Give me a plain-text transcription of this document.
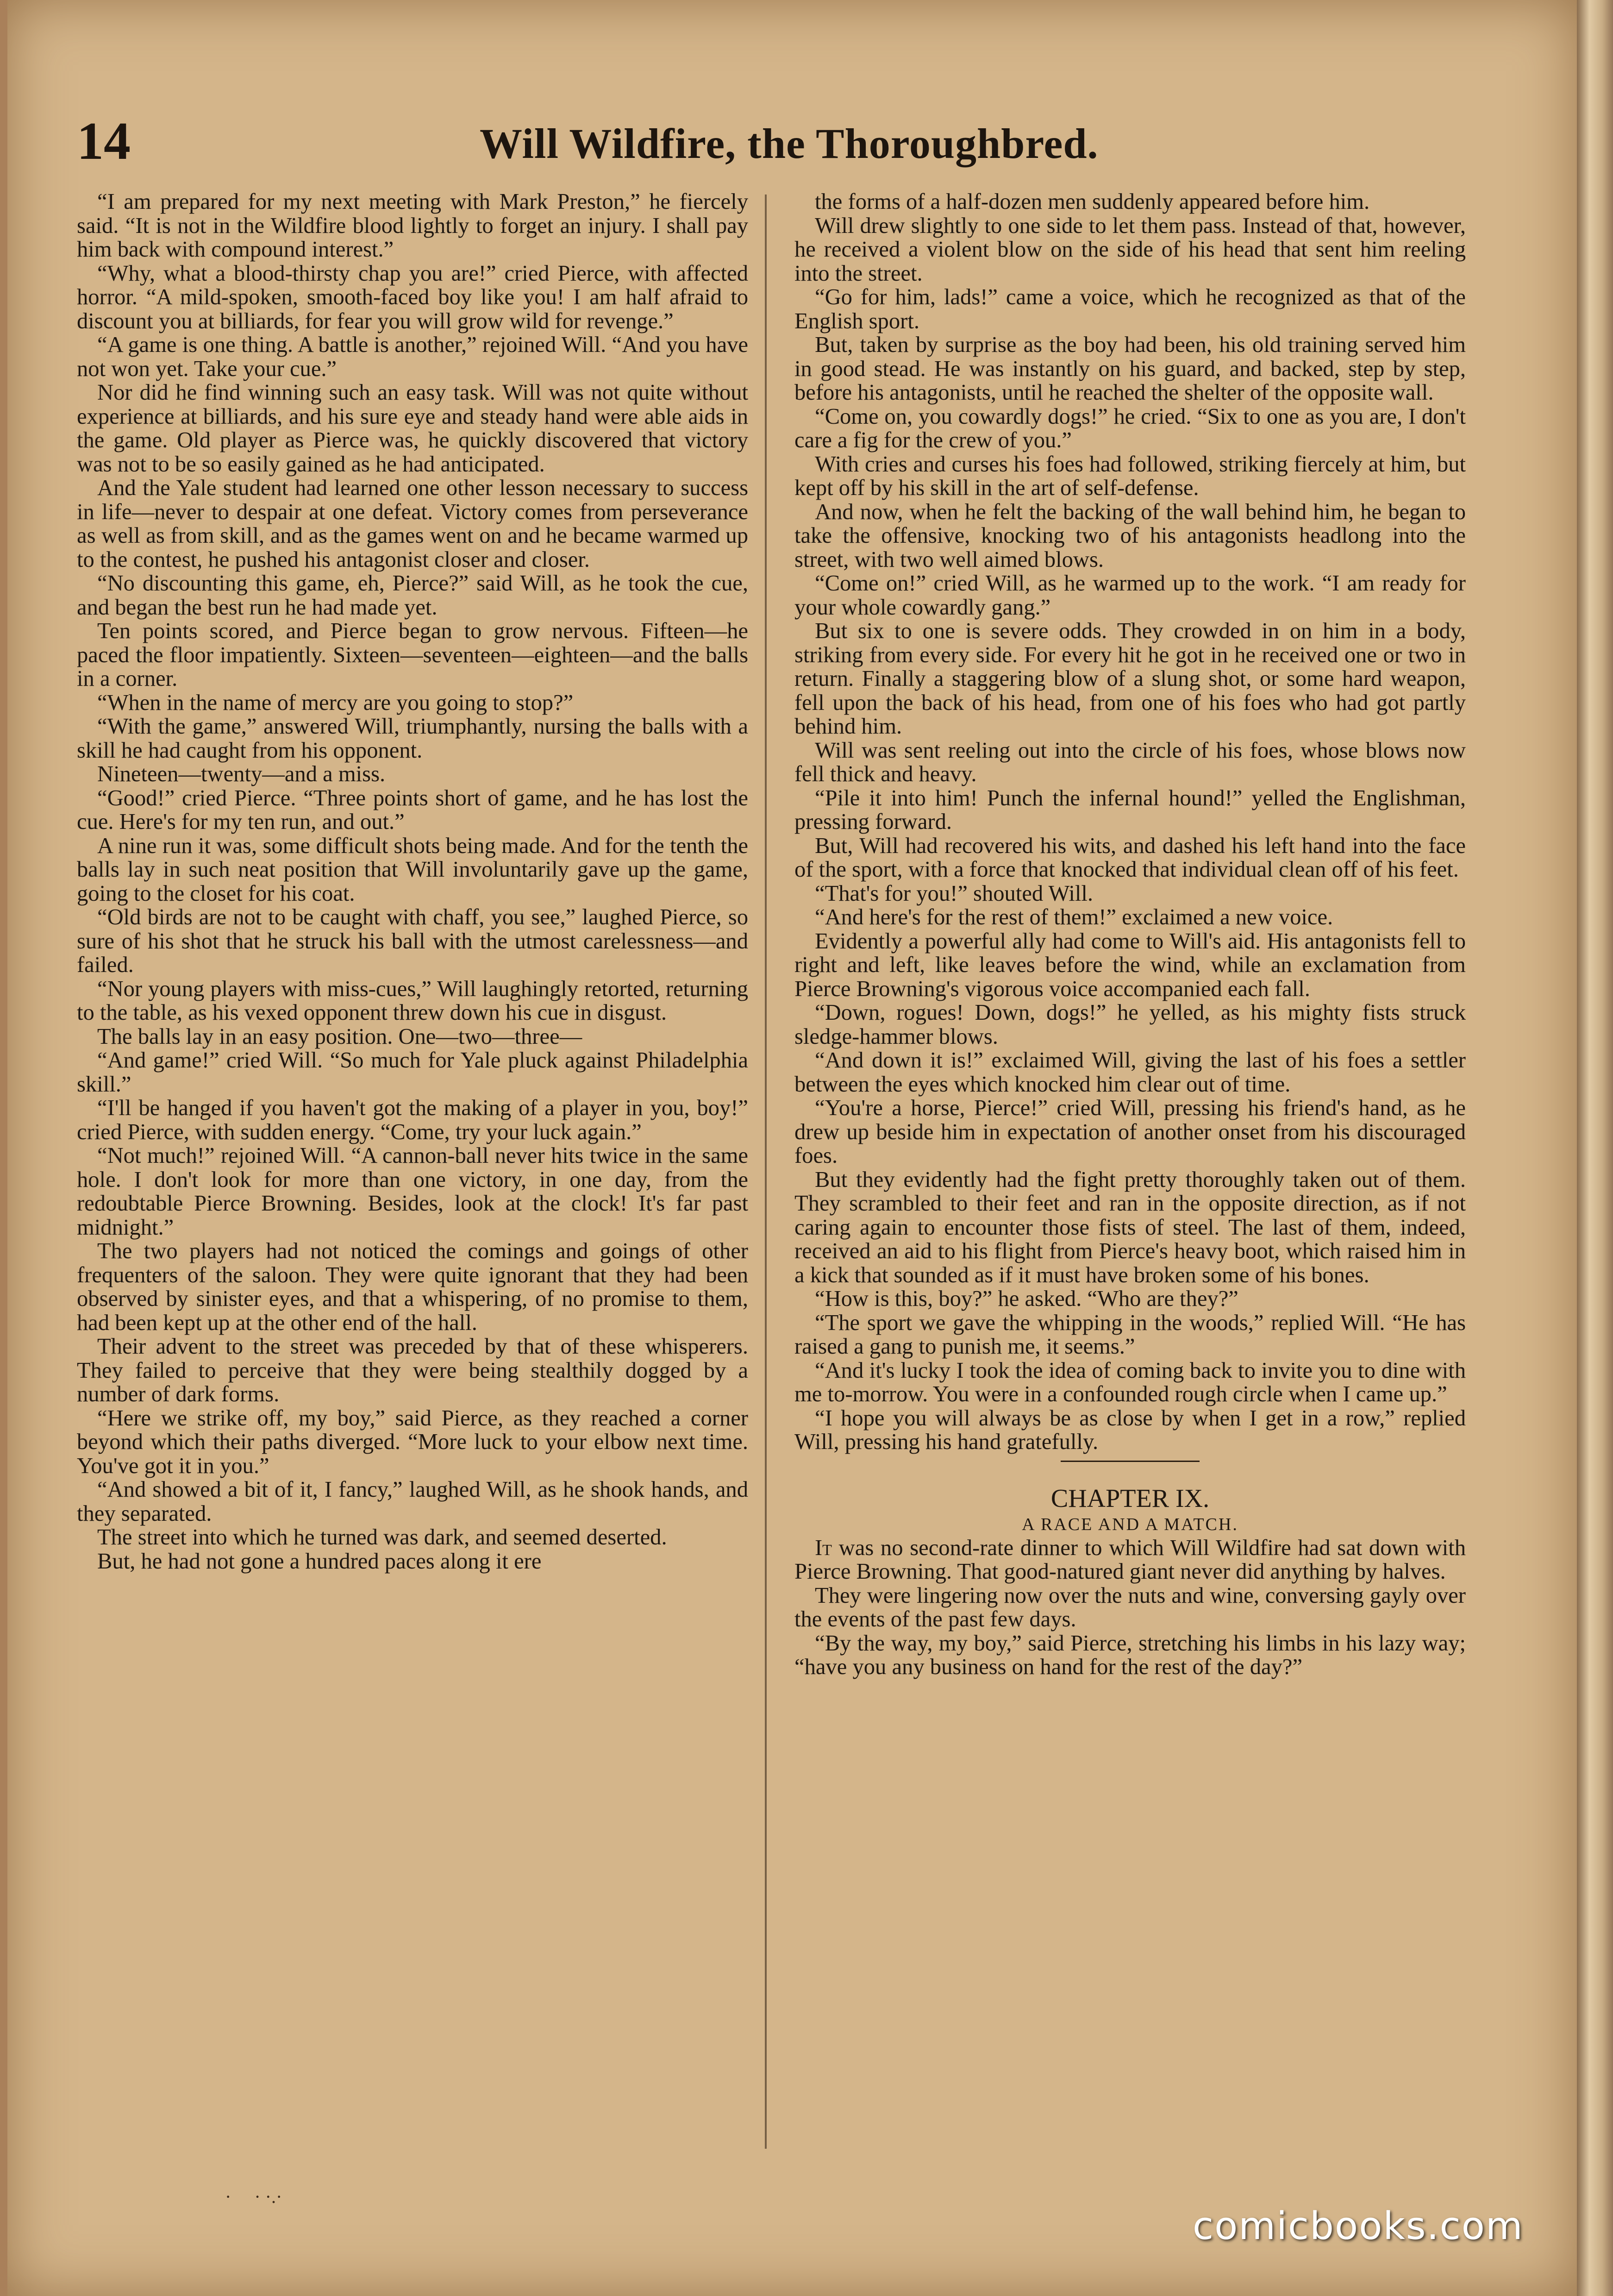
14	Will Wildfire, the Thoroughbred.

“I am prepared for my next meeting with Mark Preston,” he fiercely said. “It is not in the Wildfire blood lightly to forget an injury. I shall pay him back with compound interest.”

“Why, what a blood-thirsty chap you are!” cried Pierce, with affected horror. “A mild-spoken, smooth-faced boy like you! I am half afraid to discount you at billiards, for fear you will grow wild for revenge.”

“A game is one thing. A battle is another,” rejoined Will. “And you have not won yet. Take your cue.”

Nor did he find winning such an easy task. Will was not quite without experience at billiards, and his sure eye and steady hand were able aids in the game. Old player as Pierce was, he quickly discovered that victory was not to be so easily gained as he had anticipated.

And the Yale student had learned one other lesson necessary to success in life—never to despair at one defeat. Victory comes from perseverance as well as from skill, and as the games went on and he became warmed up to the contest, he pushed his antagonist closer and closer.

“No discounting this game, eh, Pierce?” said Will, as he took the cue, and began the best run he had made yet.

Ten points scored, and Pierce began to grow nervous. Fifteen—he paced the floor impatiently. Sixteen—seventeen—eighteen—and the balls in a corner.

“When in the name of mercy are you going to stop?”

“With the game,” answered Will, triumphantly, nursing the balls with a skill he had caught from his opponent.

Nineteen—twenty—and a miss.

“Good!” cried Pierce. “Three points short of game, and he has lost the cue. Here's for my ten run, and out.”

A nine run it was, some difficult shots being made. And for the tenth the balls lay in such neat position that Will involuntarily gave up the game, going to the closet for his coat.

“Old birds are not to be caught with chaff, you see,” laughed Pierce, so sure of his shot that he struck his ball with the utmost carelessness—and failed.

“Nor young players with miss-cues,” Will laughingly retorted, returning to the table, as his vexed opponent threw down his cue in disgust.

The balls lay in an easy position. One—two—three—

“And game!” cried Will. “So much for Yale pluck against Philadelphia skill.”

“I'll be hanged if you haven't got the making of a player in you, boy!” cried Pierce, with sudden energy. “Come, try your luck again.”

“Not much!” rejoined Will. “A cannon-ball never hits twice in the same hole. I don't look for more than one victory, in one day, from the redoubtable Pierce Browning. Besides, look at the clock! It's far past midnight.”

The two players had not noticed the comings and goings of other frequenters of the saloon. They were quite ignorant that they had been observed by sinister eyes, and that a whispering, of no promise to them, had been kept up at the other end of the hall.

Their advent to the street was preceded by that of these whisperers. They failed to perceive that they were being stealthily dogged by a number of dark forms.

“Here we strike off, my boy,” said Pierce, as they reached a corner beyond which their paths diverged. “More luck to your elbow next time. You've got it in you.”

“And showed a bit of it, I fancy,” laughed Will, as he shook hands, and they separated.

The street into which he turned was dark, and seemed deserted.

But, he had not gone a hundred paces along it ere

the forms of a half-dozen men suddenly appeared before him.

Will drew slightly to one side to let them pass. Instead of that, however, he received a violent blow on the side of his head that sent him reeling into the street.

“Go for him, lads!” came a voice, which he recognized as that of the English sport.

But, taken by surprise as the boy had been, his old training served him in good stead. He was instantly on his guard, and backed, step by step, before his antagonists, until he reached the shelter of the opposite wall.

“Come on, you cowardly dogs!” he cried. “Six to one as you are, I don't care a fig for the crew of you.”

With cries and curses his foes had followed, striking fiercely at him, but kept off by his skill in the art of self-defense.

And now, when he felt the backing of the wall behind him, he began to take the offensive, knocking two of his antagonists headlong into the street, with two well aimed blows.

“Come on!” cried Will, as he warmed up to the work. “I am ready for your whole cowardly gang.”

But six to one is severe odds. They crowded in on him in a body, striking from every side. For every hit he got in he received one or two in return. Finally a staggering blow of a slung shot, or some hard weapon, fell upon the back of his head, from one of his foes who had got partly behind him.

Will was sent reeling out into the circle of his foes, whose blows now fell thick and heavy.

“Pile it into him! Punch the infernal hound!” yelled the Englishman, pressing forward.

But, Will had recovered his wits, and dashed his left hand into the face of the sport, with a force that knocked that individual clean off of his feet.

“That's for you!” shouted Will.

“And here's for the rest of them!” exclaimed a new voice.

Evidently a powerful ally had come to Will's aid. His antagonists fell to right and left, like leaves before the wind, while an exclamation from Pierce Browning's vigorous voice accompanied each fall.

“Down, rogues! Down, dogs!” he yelled, as his mighty fists struck sledge-hammer blows.

“And down it is!” exclaimed Will, giving the last of his foes a settler between the eyes which knocked him clear out of time.

“You're a horse, Pierce!” cried Will, pressing his friend's hand, as he drew up beside him in expectation of another onset from his discouraged foes.

But they evidently had the fight pretty thoroughly taken out of them. They scrambled to their feet and ran in the opposite direction, as if not caring again to encounter those fists of steel. The last of them, indeed, received an aid to his flight from Pierce's heavy boot, which raised him in a kick that sounded as if it must have broken some of his bones.

“How is this, boy?” he asked. “Who are they?”

“The sport we gave the whipping in the woods,” replied Will. “He has raised a gang to punish me, it seems.”

“And it's lucky I took the idea of coming back to invite you to dine with me to-morrow. You were in a confounded rough circle when I came up.”

“I hope you will always be as close by when I get in a row,” replied Will, pressing his hand gratefully.

CHAPTER IX.
A RACE AND A MATCH.

It was no second-rate dinner to which Will Wildfire had sat down with Pierce Browning. That good-natured giant never did anything by halves.

They were lingering now over the nuts and wine, conversing gayly over the events of the past few days.

“By the way, my boy,” said Pierce, stretching his limbs in his lazy way; “have you any business on hand for the rest of the day?”

·     · ·.·
comicbooks.com
